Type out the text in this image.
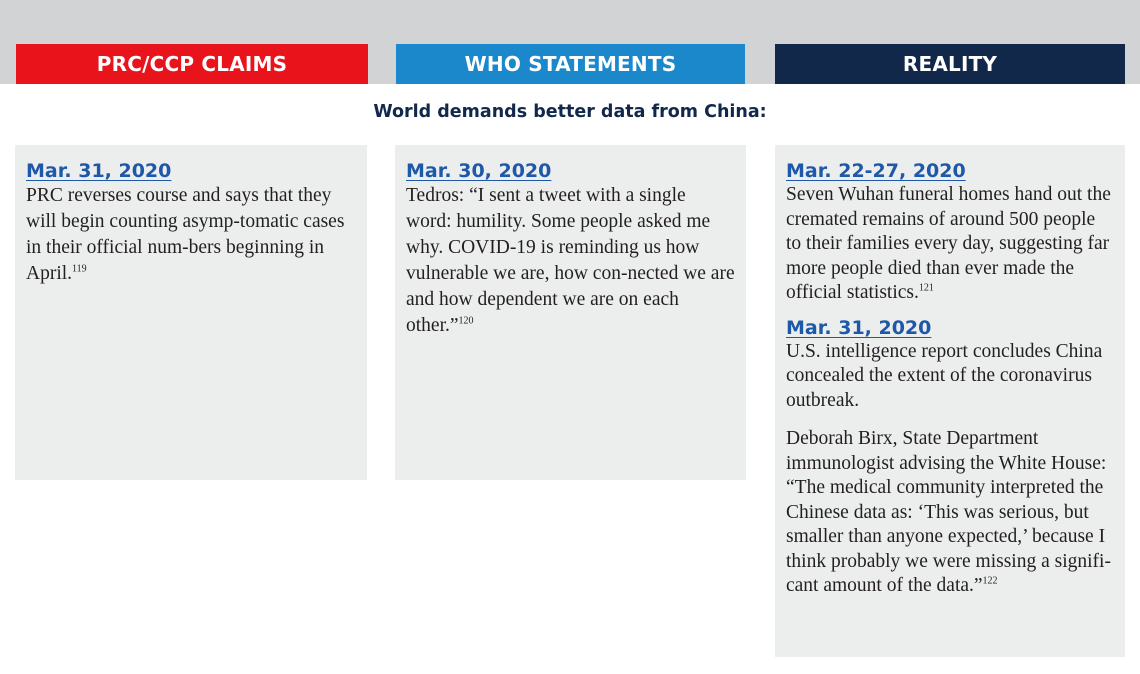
PRC/CCP CLAIMS	WHO STATEMENTS	REALITY
World demands better data from China:
Mar. 31, 2020

PRC reverses course and says that they will begin counting asymp-tomatic cases in their official num-bers beginning in April.$^{119}$

Mar. 30, 2020

Tedros: “I sent a tweet with a single word: humility. Some people asked me why. COVID-19 is reminding us how vulnerable we are, how con-nected we are and how dependent we are on each other.”$^{120}$

Mar. 22-27, 2020

Seven Wuhan funeral homes hand out the cremated remains of around 500 people to their families every day, suggesting far more people died than ever made the official statistics.$^{121}$

Mar. 31, 2020

U.S. intelligence report concludes China concealed the extent of the coronavirus outbreak.

Deborah Birx, State Department immunologist advising the White House: “The medical community interpreted the Chinese data as: ‘This was serious, but smaller than anyone expected,’ because I think probably we were missing a signifi-cant amount of the data.”$^{122}$
